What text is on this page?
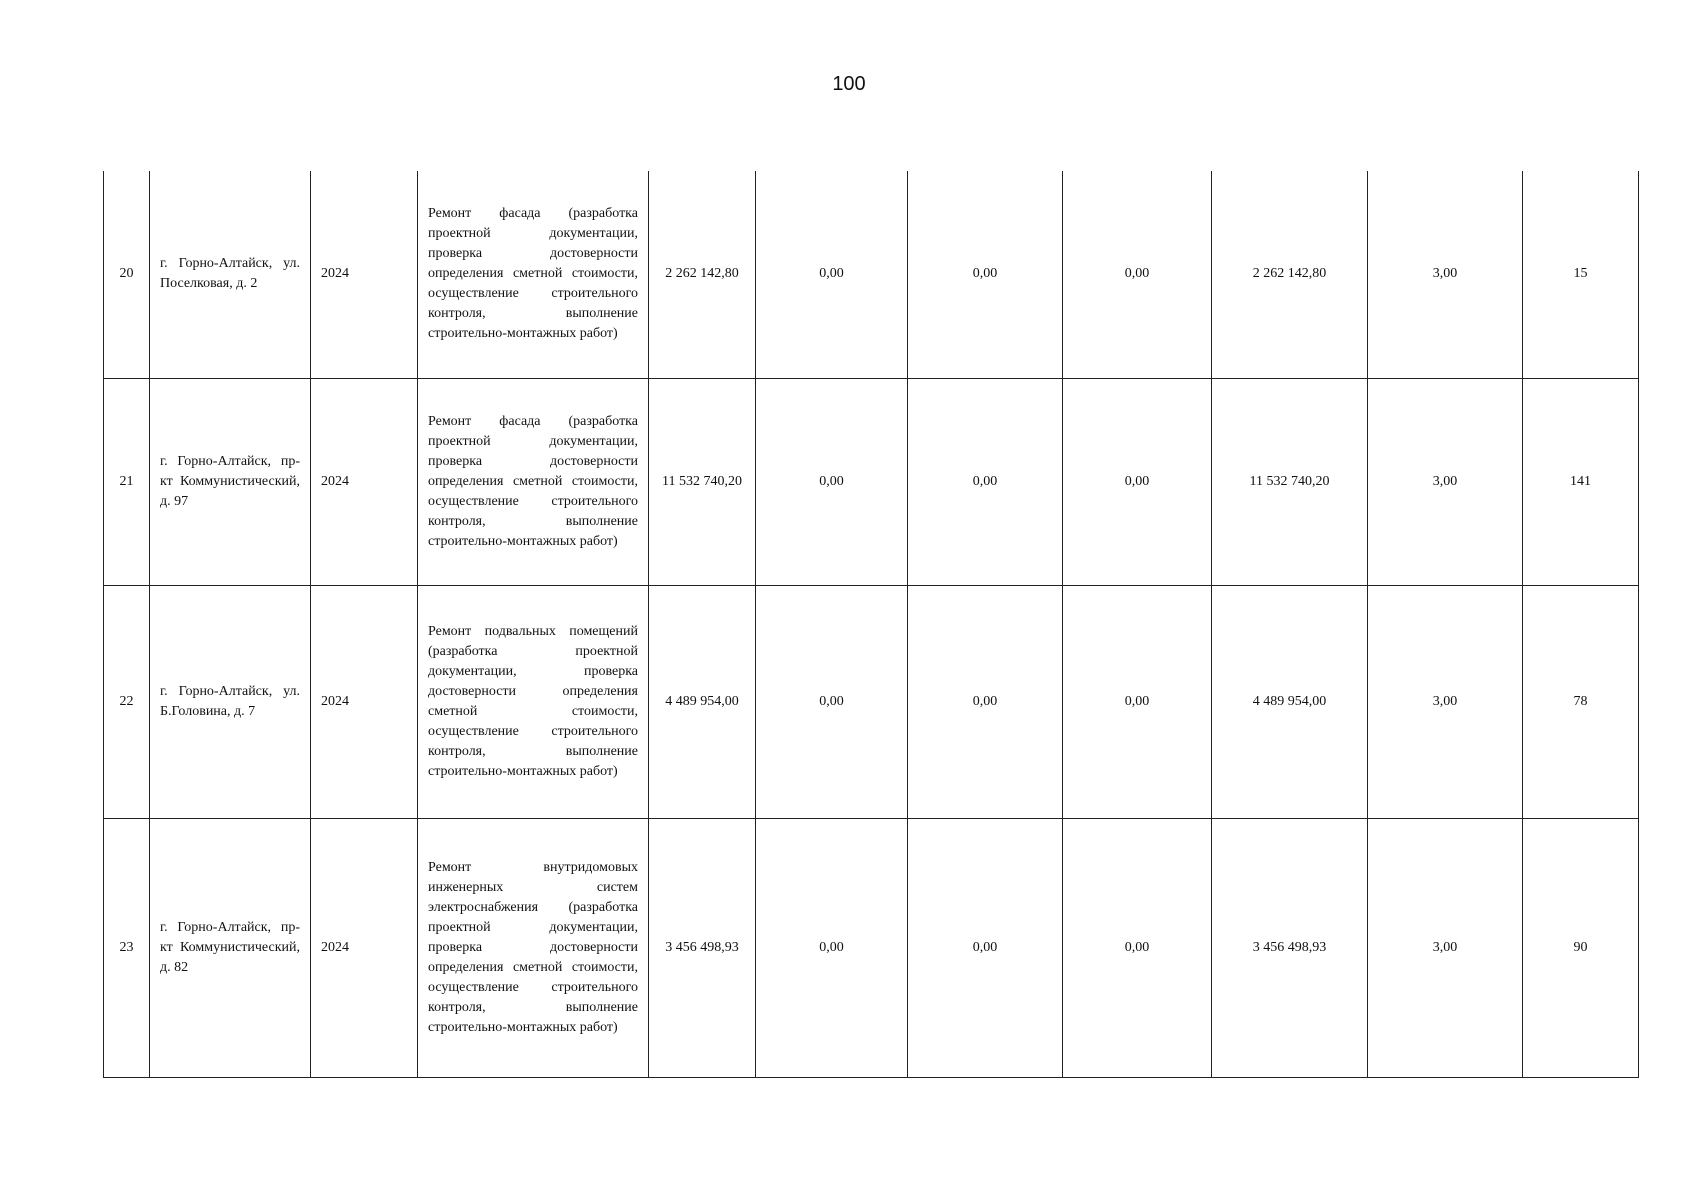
100
20	г. Горно-Алтайск, ул. Поселковая, д. 2	2024	Ремонт фасада (разработка проектной документации, проверка достоверности определения сметной стоимости, осуществление строительного контроля, выполнение строительно-монтажных работ)	2 262 142,80	0,00	0,00	0,00	2 262 142,80	3,00	15
21	г. Горно-Алтайск, пр-кт Коммунистический, д. 97	2024	Ремонт фасада (разработка проектной документации, проверка достоверности определения сметной стоимости, осуществление строительного контроля, выполнение строительно-монтажных работ)	11 532 740,20	0,00	0,00	0,00	11 532 740,20	3,00	141
22	г. Горно-Алтайск, ул. Б.Головина, д. 7	2024	Ремонт подвальных помещений (разработка проектной документации, проверка достоверности определения сметной стоимости, осуществление строительного контроля, выполнение строительно-монтажных работ)	4 489 954,00	0,00	0,00	0,00	4 489 954,00	3,00	78
23	г. Горно-Алтайск, пр-кт Коммунистический, д. 82	2024	Ремонт внутридомовых инженерных систем электроснабжения (разработка проектной документации, проверка достоверности определения сметной стоимости, осуществление строительного контроля, выполнение строительно-монтажных работ)	3 456 498,93	0,00	0,00	0,00	3 456 498,93	3,00	90
